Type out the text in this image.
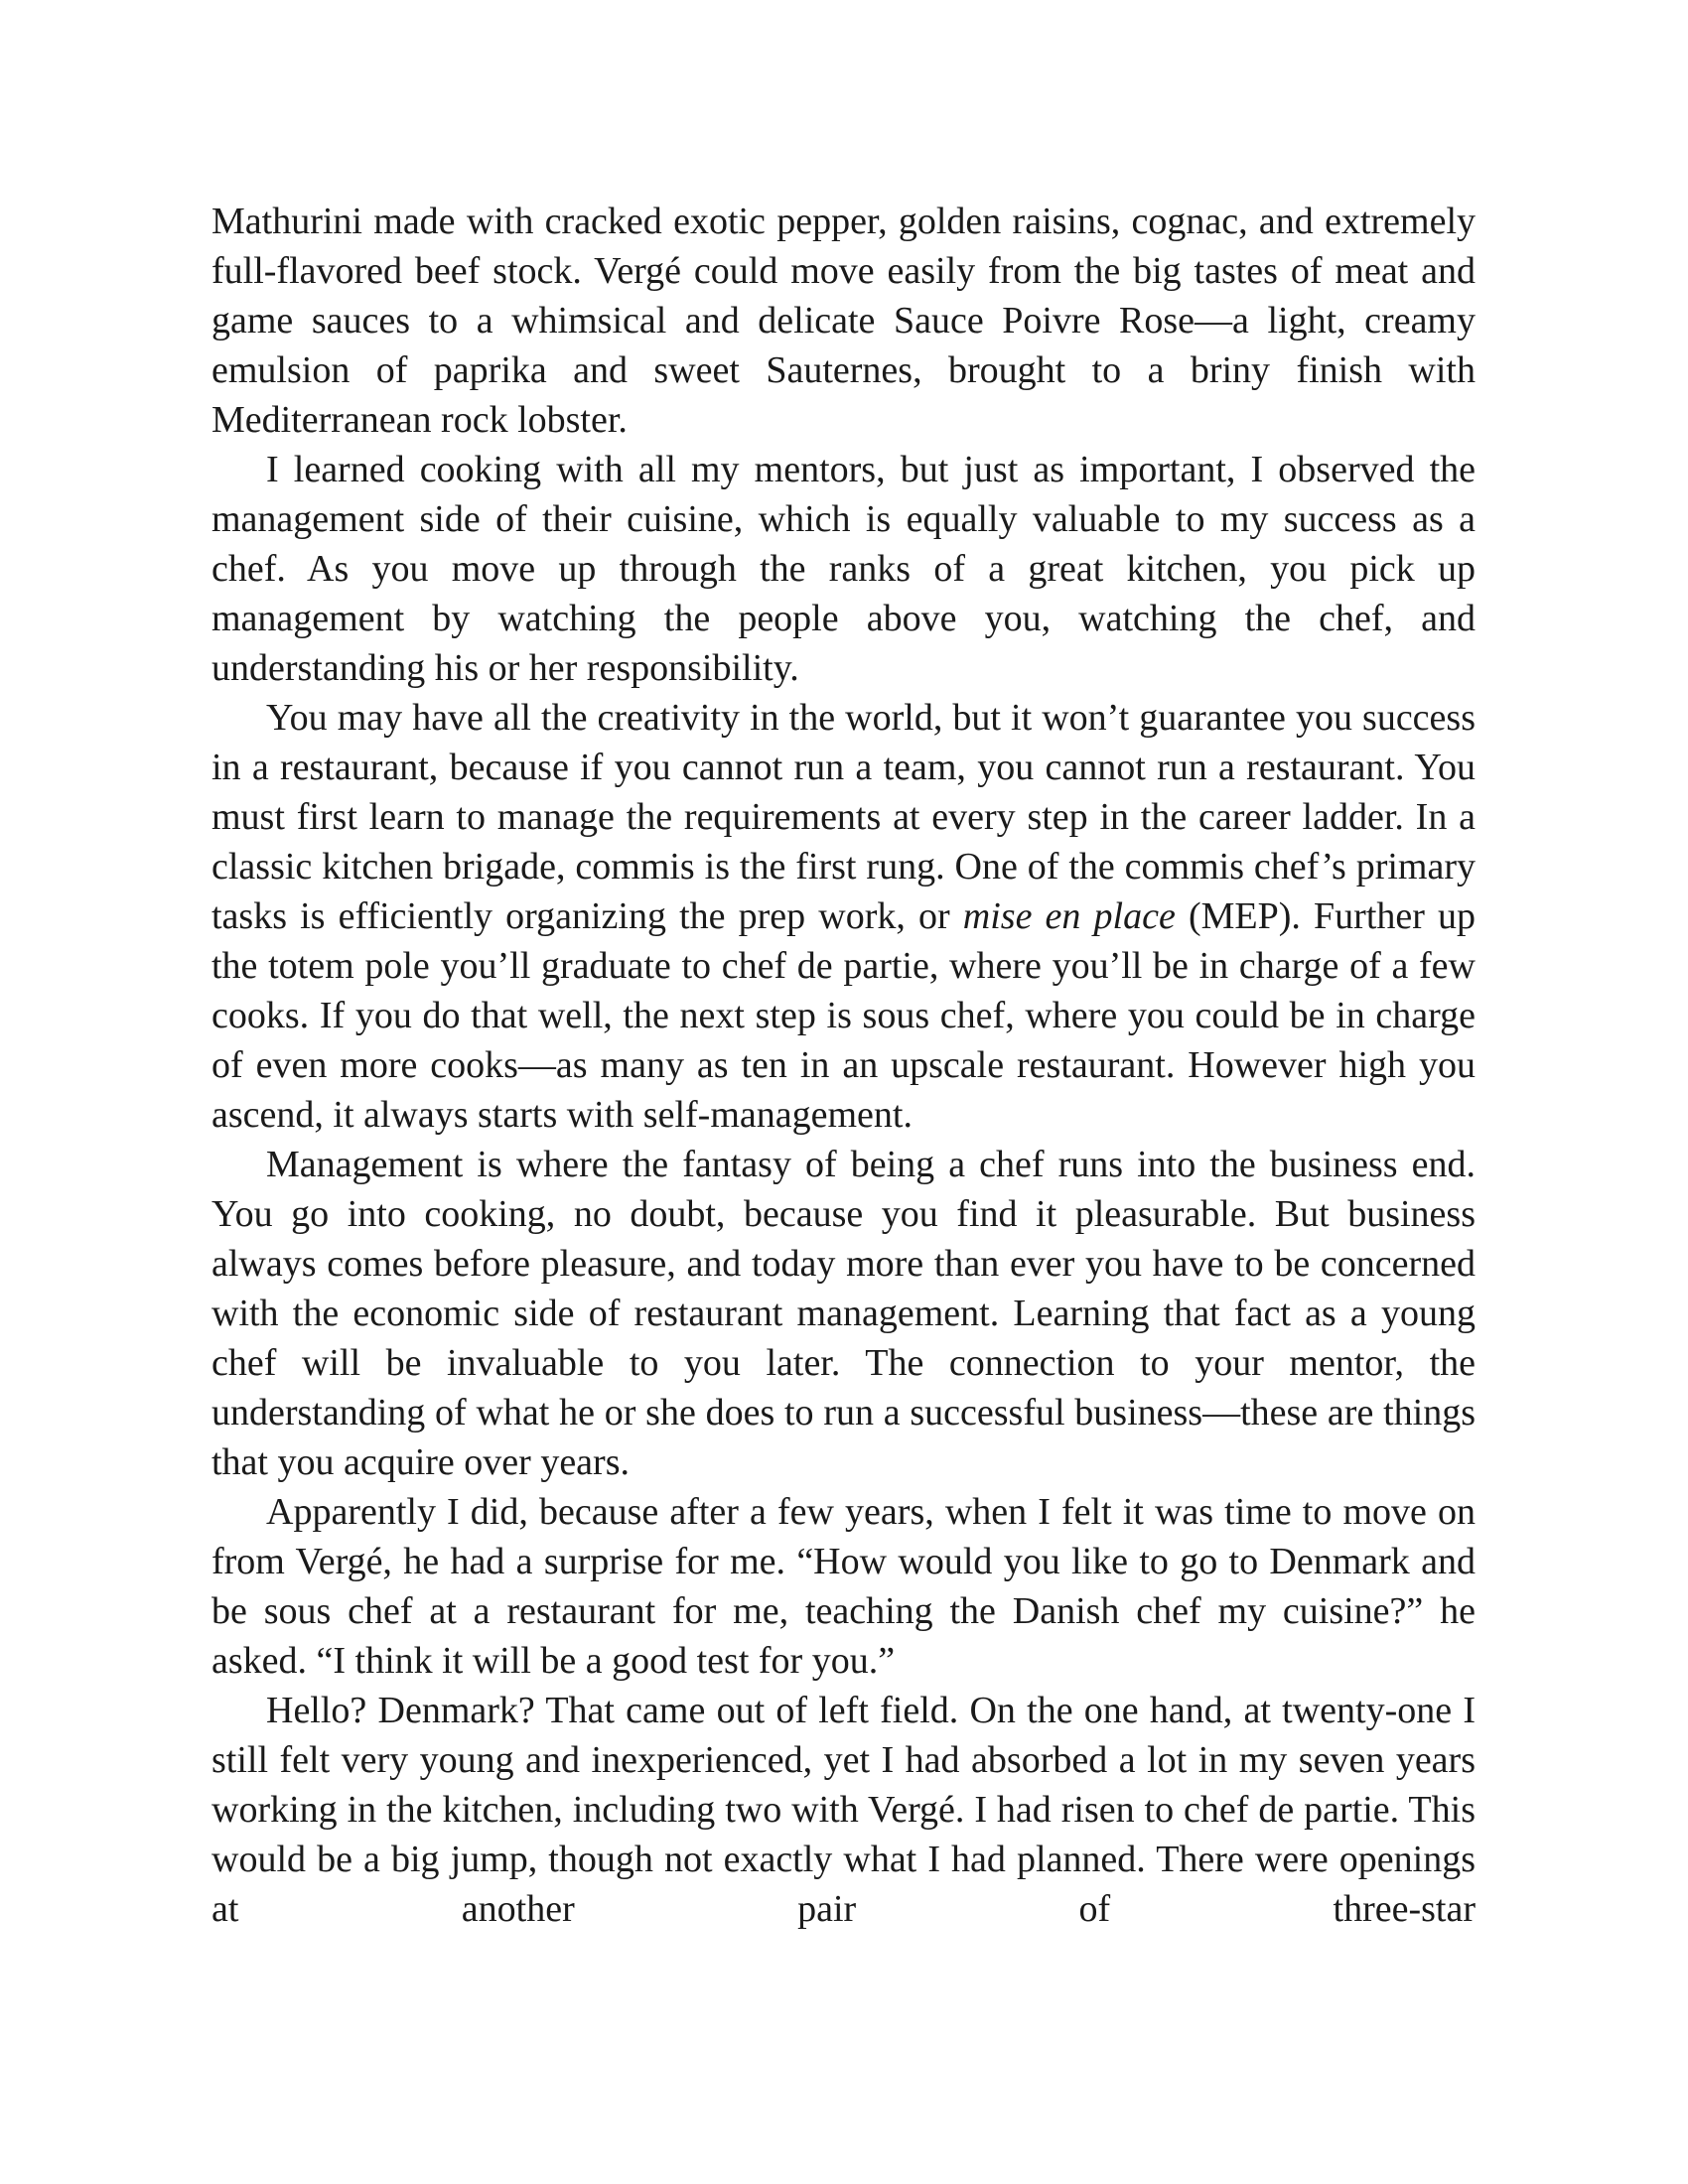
Mathurini made with cracked exotic pepper, golden raisins, cognac, and extremely full-flavored beef stock. Vergé could move easily from the big tastes of meat and game sauces to a whimsical and delicate Sauce Poivre Rose—a light, creamy emulsion of paprika and sweet Sauternes, brought to a briny finish with Mediterranean rock lobster.

I learned cooking with all my mentors, but just as important, I observed the management side of their cuisine, which is equally valuable to my success as a chef. As you move up through the ranks of a great kitchen, you pick up management by watching the people above you, watching the chef, and understanding his or her responsibility.

You may have all the creativity in the world, but it won’t guarantee you success in a restaurant, because if you cannot run a team, you cannot run a restaurant. You must first learn to manage the requirements at every step in the career ladder. In a classic kitchen brigade, commis is the first rung. One of the commis chef’s primary tasks is efficiently organizing the prep work, or mise en place (MEP). Further up the totem pole you’ll graduate to chef de partie, where you’ll be in charge of a few cooks. If you do that well, the next step is sous chef, where you could be in charge of even more cooks—as many as ten in an upscale restaurant. However high you ascend, it always starts with self-management.

Management is where the fantasy of being a chef runs into the business end. You go into cooking, no doubt, because you find it pleasurable. But business always comes before pleasure, and today more than ever you have to be concerned with the economic side of restaurant management. Learning that fact as a young chef will be invaluable to you later. The connection to your mentor, the understanding of what he or she does to run a successful business—these are things that you acquire over years.

Apparently I did, because after a few years, when I felt it was time to move on from Vergé, he had a surprise for me. “How would you like to go to Denmark and be sous chef at a restaurant for me, teaching the Danish chef my cuisine?” he asked. “I think it will be a good test for you.”

Hello? Denmark? That came out of left field. On the one hand, at twenty-one I still felt very young and inexperienced, yet I had absorbed a lot in my seven years working in the kitchen, including two with Vergé. I had risen to chef de partie. This would be a big jump, though not exactly what I had planned. There were openings at another pair of three-star
